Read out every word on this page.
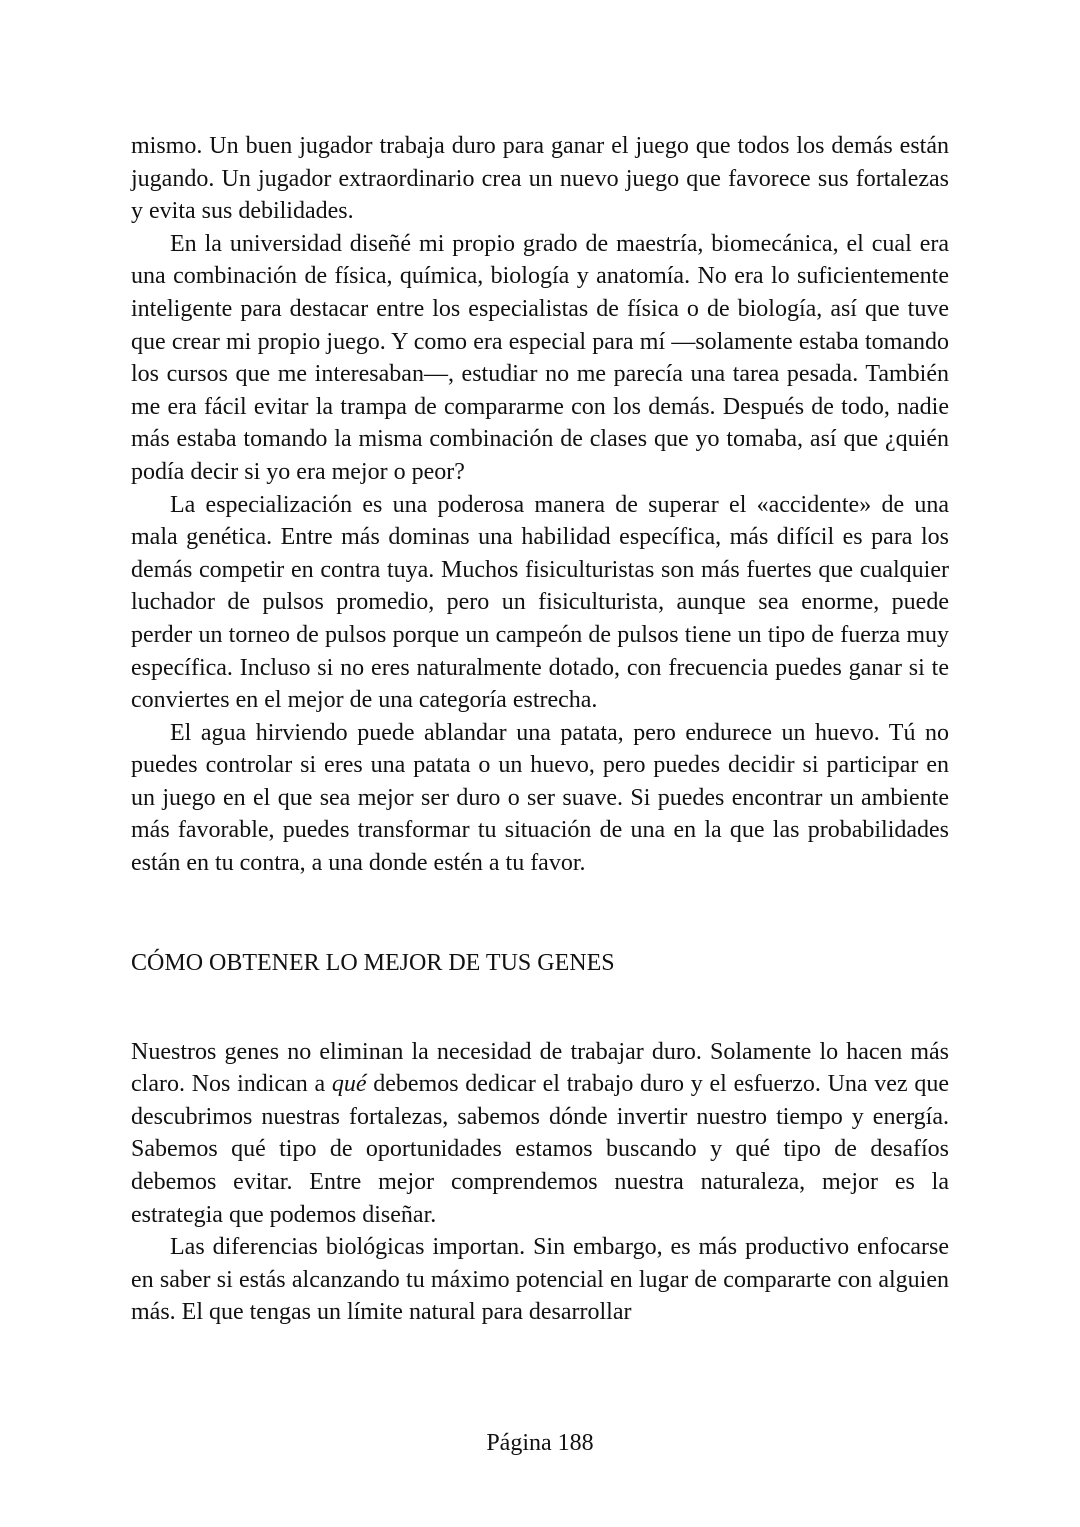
mismo. Un buen jugador trabaja duro para ganar el juego que todos los demás están jugando. Un jugador extraordinario crea un nuevo juego que favorece sus fortalezas y evita sus debilidades.

En la universidad diseñé mi propio grado de maestría, biomecánica, el cual era una combinación de física, química, biología y anatomía. No era lo suficientemente inteligente para destacar entre los especialistas de física o de biología, así que tuve que crear mi propio juego. Y como era especial para mí —solamente estaba tomando los cursos que me interesaban—, estudiar no me parecía una tarea pesada. También me era fácil evitar la trampa de compararme con los demás. Después de todo, nadie más estaba tomando la misma combinación de clases que yo tomaba, así que ¿quién podía decir si yo era mejor o peor?

La especialización es una poderosa manera de superar el «accidente» de una mala genética. Entre más dominas una habilidad específica, más difícil es para los demás competir en contra tuya. Muchos fisiculturistas son más fuertes que cualquier luchador de pulsos promedio, pero un fisiculturista, aunque sea enorme, puede perder un torneo de pulsos porque un campeón de pulsos tiene un tipo de fuerza muy específica. Incluso si no eres naturalmente dotado, con frecuencia puedes ganar si te conviertes en el mejor de una categoría estrecha.

El agua hirviendo puede ablandar una patata, pero endurece un huevo. Tú no puedes controlar si eres una patata o un huevo, pero puedes decidir si participar en un juego en el que sea mejor ser duro o ser suave. Si puedes encontrar un ambiente más favorable, puedes transformar tu situación de una en la que las probabilidades están en tu contra, a una donde estén a tu favor.

CÓMO OBTENER LO MEJOR DE TUS GENES

Nuestros genes no eliminan la necesidad de trabajar duro. Solamente lo hacen más claro. Nos indican a qué debemos dedicar el trabajo duro y el esfuerzo. Una vez que descubrimos nuestras fortalezas, sabemos dónde invertir nuestro tiempo y energía. Sabemos qué tipo de oportunidades estamos buscando y qué tipo de desafíos debemos evitar. Entre mejor comprendemos nuestra naturaleza, mejor es la estrategia que podemos diseñar.

Las diferencias biológicas importan. Sin embargo, es más productivo enfocarse en saber si estás alcanzando tu máximo potencial en lugar de compararte con alguien más. El que tengas un límite natural para desarrollar

Página 188
